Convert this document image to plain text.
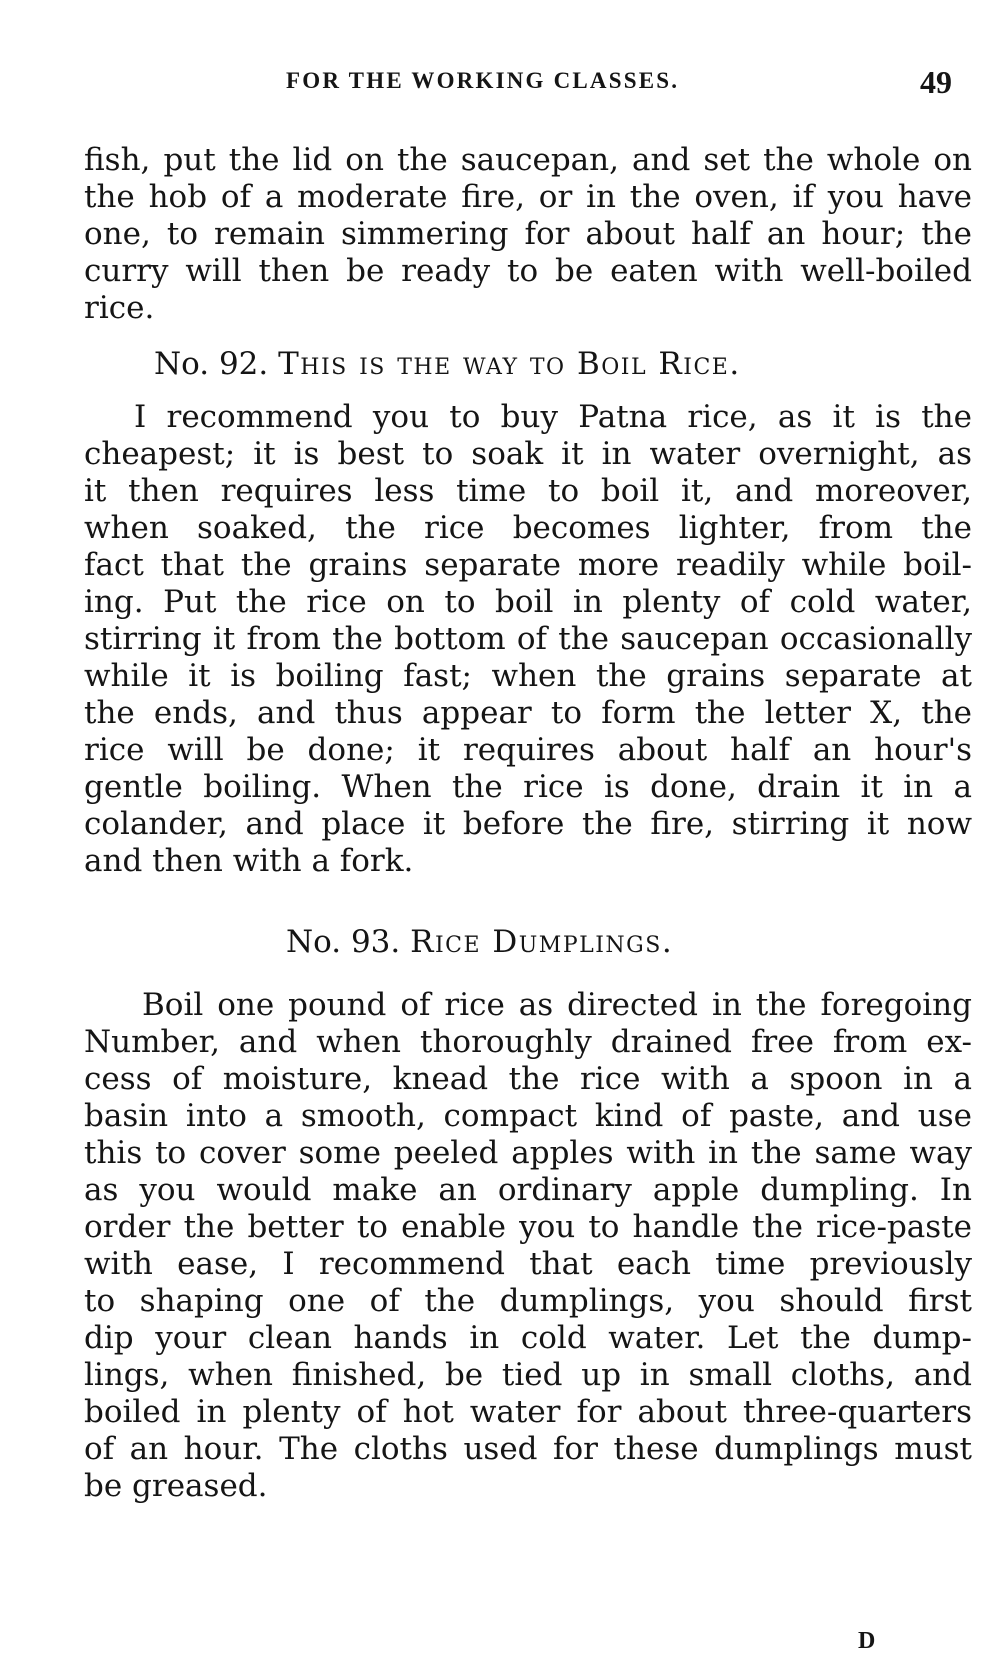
FOR THE WORKING CLASSES.	49
fish, put the lid on the saucepan, and set the whole on
the hob of a moderate fire, or in the oven, if you have
one, to remain simmering for about half an hour; the
curry will then be ready to be eaten with well-boiled
rice.
No. 92. This is the way to Boil Rice.
I recommend you to buy Patna rice, as it is the
cheapest; it is best to soak it in water overnight, as
it then requires less time to boil it, and moreover,
when soaked, the rice becomes lighter, from the
fact that the grains separate more readily while boil-
ing. Put the rice on to boil in plenty of cold water,
stirring it from the bottom of the saucepan occasionally
while it is boiling fast; when the grains separate at
the ends, and thus appear to form the letter X, the
rice will be done; it requires about half an hour's
gentle boiling. When the rice is done, drain it in a
colander, and place it before the fire, stirring it now
and then with a fork.
No. 93. Rice Dumplings.
Boil one pound of rice as directed in the foregoing
Number, and when thoroughly drained free from ex-
cess of moisture, knead the rice with a spoon in a
basin into a smooth, compact kind of paste, and use
this to cover some peeled apples with in the same way
as you would make an ordinary apple dumpling. In
order the better to enable you to handle the rice-paste
with ease, I recommend that each time previously
to shaping one of the dumplings, you should first
dip your clean hands in cold water. Let the dump-
lings, when finished, be tied up in small cloths, and
boiled in plenty of hot water for about three-quarters
of an hour. The cloths used for these dumplings must
be greased.
D
